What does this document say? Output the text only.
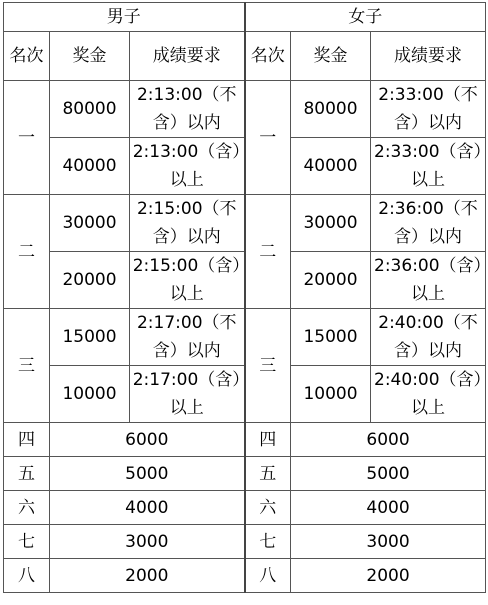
男子			女子		
名次	奖金	成绩要求	名次	奖金	成绩要求
一	80000	2:13:00（不含）以内	一	80000	2:33:00（不含）以内
	40000	2:13:00（含）以上		40000	2:33:00（含）以上
二	30000	2:15:00（不含）以内	二	30000	2:36:00（不含）以内
	20000	2:15:00（含）以上		20000	2:36:00（含）以上
三	15000	2:17:00（不含）以内	三	15000	2:40:00（不含）以内
	10000	2:17:00（含）以上		10000	2:40:00（含）以上
四	6000		四	6000	
五	5000		五	5000	
六	4000		六	4000	
七	3000		七	3000	
八	2000		八	2000	
